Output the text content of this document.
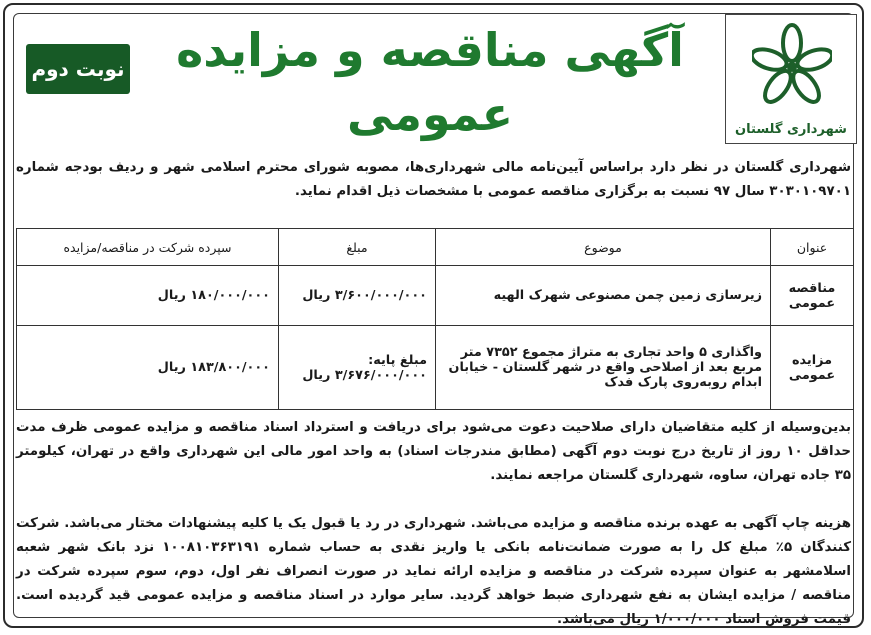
شهرداری گلستان
آگهی مناقصه و مزایده عمومی
نوبت دوم

شهرداری گلستان در نظر دارد براساس آیین‌نامه مالی شهرداری‌ها، مصوبه شورای محترم اسلامی شهر و ردیف بودجه شماره ۳۰۳۰۱۰۹۷۰۱ سال ۹۷ نسبت به برگزاری مناقصه عمومی با مشخصات ذیل اقدام نماید.

عنوان	موضوع	مبلغ	سپرده شرکت در مناقصه/مزایده
مناقصه عمومی	زیرسازی زمین چمن مصنوعی شهرک الهیه	۳/۶۰۰/۰۰۰/۰۰۰ ریال	۱۸۰/۰۰۰/۰۰۰ ریال
مزایده عمومی	واگذاری ۵ واحد تجاری به متراژ مجموع ۷۳۵۲ متر مربع بعد از اصلاحی واقع در شهر گلستان - خیابان ابدام روبه‌روی پارک فدک	مبلغ پایه: ۳/۶۷۶/۰۰۰/۰۰۰ ریال	۱۸۳/۸۰۰/۰۰۰ ریال

بدین‌وسیله از کلیه متقاضیان دارای صلاحیت دعوت می‌شود برای دریافت و استرداد اسناد مناقصه و مزایده عمومی ظرف مدت حداقل ۱۰ روز از تاریخ درج نوبت دوم آگهی (مطابق مندرجات اسناد) به واحد امور مالی این شهرداری واقع در تهران، کیلومتر ۳۵ جاده تهران، ساوه، شهرداری گلستان مراجعه نمایند.

هزینه چاپ آگهی به عهده برنده مناقصه و مزایده می‌باشد. شهرداری در رد یا قبول یک یا کلیه پیشنهادات مختار می‌باشد. شرکت کنندگان ۵٪ مبلغ کل را به صورت ضمانت‌نامه بانکی یا واریز نقدی به حساب شماره ۱۰۰۸۱۰۳۶۳۱۹۱ نزد بانک شهر شعبه اسلامشهر به عنوان سپرده شرکت در مناقصه و مزایده ارائه نماید در صورت انصراف نفر اول، دوم، سوم سپرده شرکت در مناقصه / مزایده ایشان به نفع شهرداری ضبط خواهد گردید. سایر موارد در اسناد مناقصه و مزایده عمومی قید گردیده است. قیمت فروش اسناد ۱/۰۰۰/۰۰۰ ریال می‌باشد.
